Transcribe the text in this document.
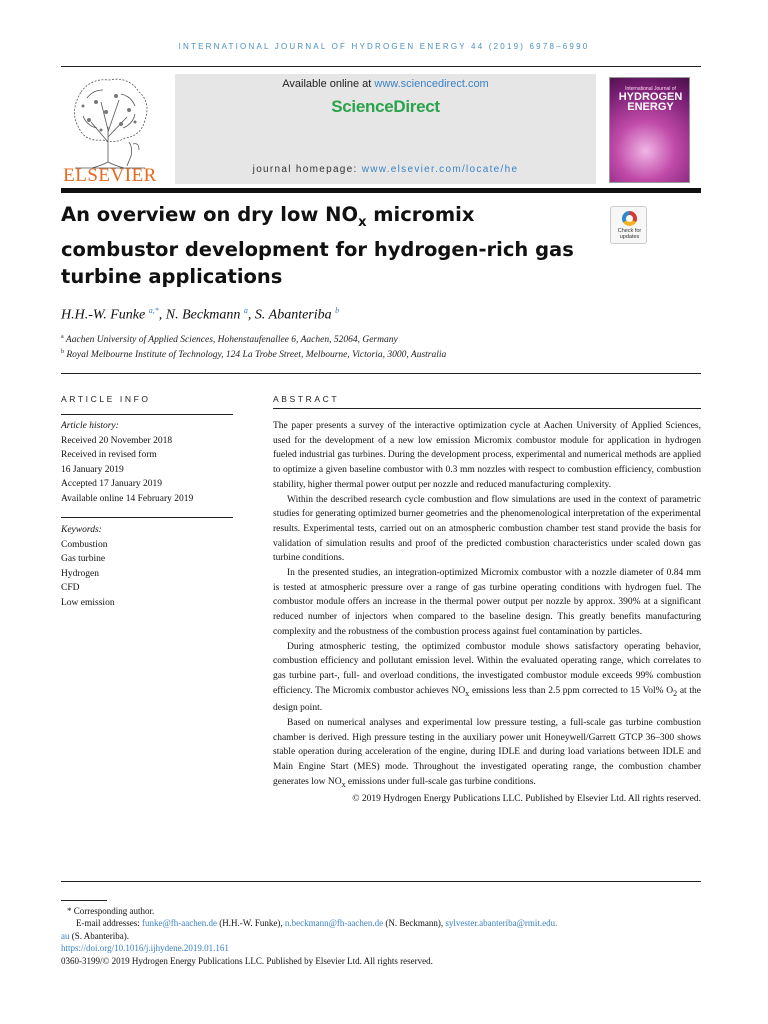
INTERNATIONAL JOURNAL OF HYDROGEN ENERGY 44 (2019) 6978–6990
ELSEVIER
Available online at www.sciencedirect.com
ScienceDirect
journal homepage: www.elsevier.com/locate/he
International Journal of
HYDROGEN ENERGY
An overview on dry low $NO_x$ micromix combustor development for hydrogen-rich gas turbine applications
Check for updates
H.H.-W. Funke $^{a,*}$, N. Beckmann $^a$, S. Abanteriba $^b$
$^a$ Aachen University of Applied Sciences, Hohenstaufenallee 6, Aachen, 52064, Germany
$^b$ Royal Melbourne Institute of Technology, 124 La Trobe Street, Melbourne, Victoria, 3000, Australia
ARTICLE INFO
Article history:
Received 20 November 2018
Received in revised form
16 January 2019
Accepted 17 January 2019
Available online 14 February 2019
Keywords:
Combustion
Gas turbine
Hydrogen
CFD
Low emission
ABSTRACT

The paper presents a survey of the interactive optimization cycle at Aachen University of Applied Sciences, used for the development of a new low emission Micromix combustor module for application in hydrogen fueled industrial gas turbines. During the development process, experimental and numerical methods are applied to optimize a given baseline combustor with 0.3 mm nozzles with respect to combustion efficiency, combustion stability, higher thermal power output per nozzle and reduced manufacturing complexity.

Within the described research cycle combustion and flow simulations are used in the context of parametric studies for generating optimized burner geometries and the phenomenological interpretation of the experimental results. Experimental tests, carried out on an atmospheric combustion chamber test stand provide the basis for validation of simulation results and proof of the predicted combustion characteristics under scaled down gas turbine conditions.

In the presented studies, an integration-optimized Micromix combustor with a nozzle diameter of 0.84 mm is tested at atmospheric pressure over a range of gas turbine operating conditions with hydrogen fuel. The combustor module offers an increase in the thermal power output per nozzle by approx. 390% at a significant reduced number of injectors when compared to the baseline design. This greatly benefits manufacturing complexity and the robustness of the combustion process against fuel contamination by particles.

During atmospheric testing, the optimized combustor module shows satisfactory operating behavior, combustion efficiency and pollutant emission level. Within the evaluated operating range, which correlates to gas turbine part-, full- and overload conditions, the investigated combustor module exceeds 99% combustion efficiency. The Micromix combustor achieves $NO_x$ emissions less than 2.5 ppm corrected to 15 Vol% $O_2$ at the design point.

Based on numerical analyses and experimental low pressure testing, a full-scale gas turbine combustion chamber is derived. High pressure testing in the auxiliary power unit Honeywell/Garrett GTCP 36–300 shows stable operation during acceleration of the engine, during IDLE and during load variations between IDLE and Main Engine Start (MES) mode. Throughout the investigated operating range, the combustion chamber generates low $NO_x$ emissions under full-scale gas turbine conditions.

© 2019 Hydrogen Energy Publications LLC. Published by Elsevier Ltd. All rights reserved.

* Corresponding author.
E-mail addresses: funke@fh-aachen.de (H.H.-W. Funke), n.beckmann@fh-aachen.de (N. Beckmann), sylvester.abanteriba@rmit.edu.
au (S. Abanteriba).
https://doi.org/10.1016/j.ijhydene.2019.01.161
0360-3199/© 2019 Hydrogen Energy Publications LLC. Published by Elsevier Ltd. All rights reserved.
